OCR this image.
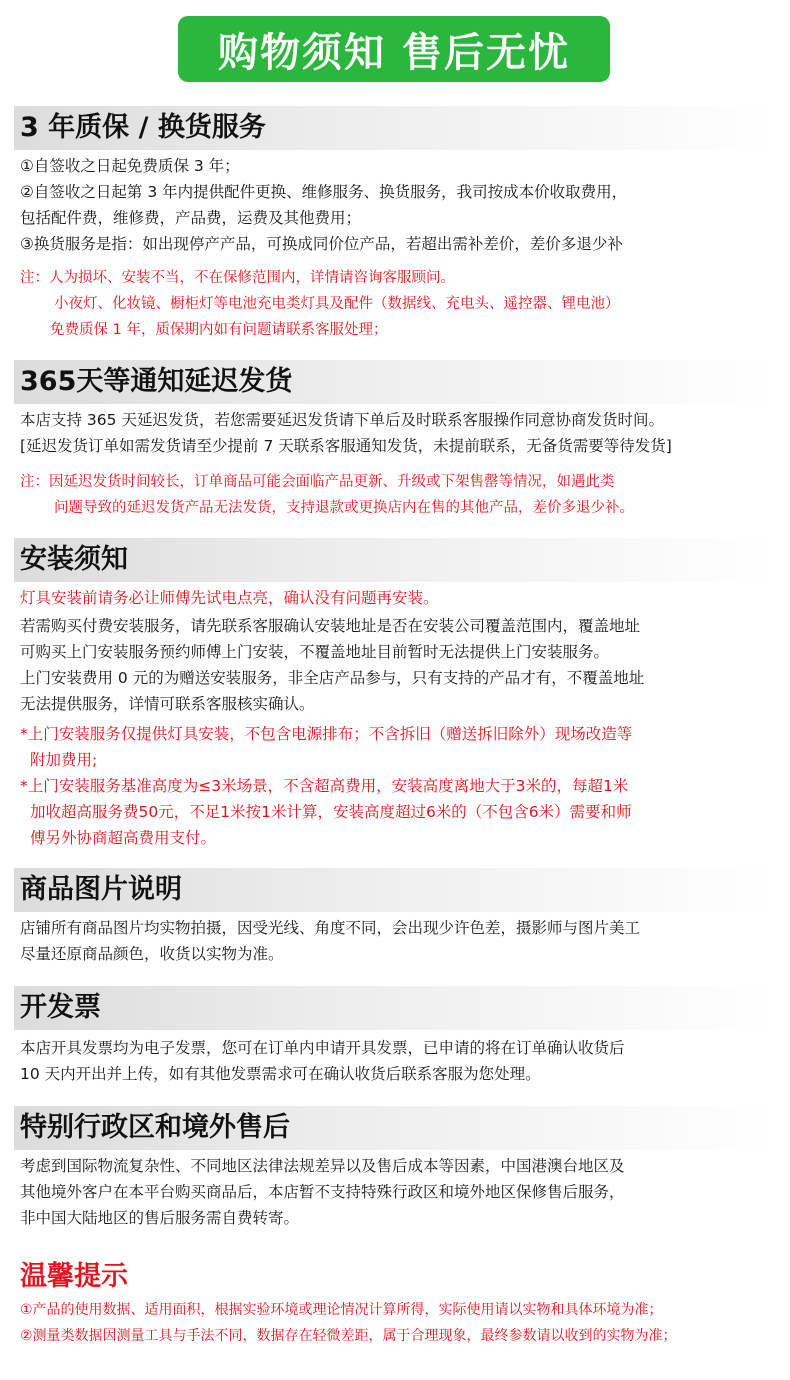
购物须知 售后无忧
3 年质保 / 换货服务
①自签收之日起免费质保 3 年；
②自签收之日起第 3 年内提供配件更换、维修服务、换货服务，我司按成本价收取费用，
包括配件费，维修费，产品费，运费及其他费用；
③换货服务是指：如出现停产产品，可换成同价位产品，若超出需补差价，差价多退少补
注：人为损坏、安装不当，不在保修范围内，详情请咨询客服顾问。
小夜灯、化妆镜、橱柜灯等电池充电类灯具及配件（数据线、充电头、遥控器、锂电池）
免费质保 1 年，质保期内如有问题请联系客服处理；
365天等通知延迟发货
本店支持 365 天延迟发货，若您需要延迟发货请下单后及时联系客服操作同意协商发货时间。
[延迟发货订单如需发货请至少提前 7 天联系客服通知发货，未提前联系，无备货需要等待发货]
注：因延迟发货时间较长，订单商品可能会面临产品更新、升级或下架售罄等情况，如遇此类
问题导致的延迟发货产品无法发货，支持退款或更换店内在售的其他产品，差价多退少补。
安装须知
灯具安装前请务必让师傅先试电点亮，确认没有问题再安装。
若需购买付费安装服务，请先联系客服确认安装地址是否在安装公司覆盖范围内，覆盖地址
可购买上门安装服务预约师傅上门安装，不覆盖地址目前暂时无法提供上门安装服务。
上门安装费用 0 元的为赠送安装服务，非全店产品参与，只有支持的产品才有，不覆盖地址
无法提供服务，详情可联系客服核实确认。
*上门安装服务仅提供灯具安装，不包含电源排布；不含拆旧（赠送拆旧除外）现场改造等
附加费用;
*上门安装服务基准高度为≤3米场景，不含超高费用，安装高度离地大于3米的，每超1米
加收超高服务费50元，不足1米按1米计算，安装高度超过6米的（不包含6米）需要和师
傅另外协商超高费用支付。
商品图片说明
店铺所有商品图片均实物拍摄，因受光线、角度不同，会出现少许色差，摄影师与图片美工
尽量还原商品颜色，收货以实物为准。
开发票
本店开具发票均为电子发票，您可在订单内申请开具发票，已申请的将在订单确认收货后
10 天内开出并上传，如有其他发票需求可在确认收货后联系客服为您处理。
特别行政区和境外售后
考虑到国际物流复杂性、不同地区法律法规差异以及售后成本等因素，中国港澳台地区及
其他境外客户在本平台购买商品后，本店暂不支持特殊行政区和境外地区保修售后服务，
非中国大陆地区的售后服务需自费转寄。
温馨提示
①产品的使用数据、适用面积，根据实验环境或理论情况计算所得，实际使用请以实物和具体环境为准；
②测量类数据因测量工具与手法不同，数据存在轻微差距，属于合理现象，最终参数请以收到的实物为准；
